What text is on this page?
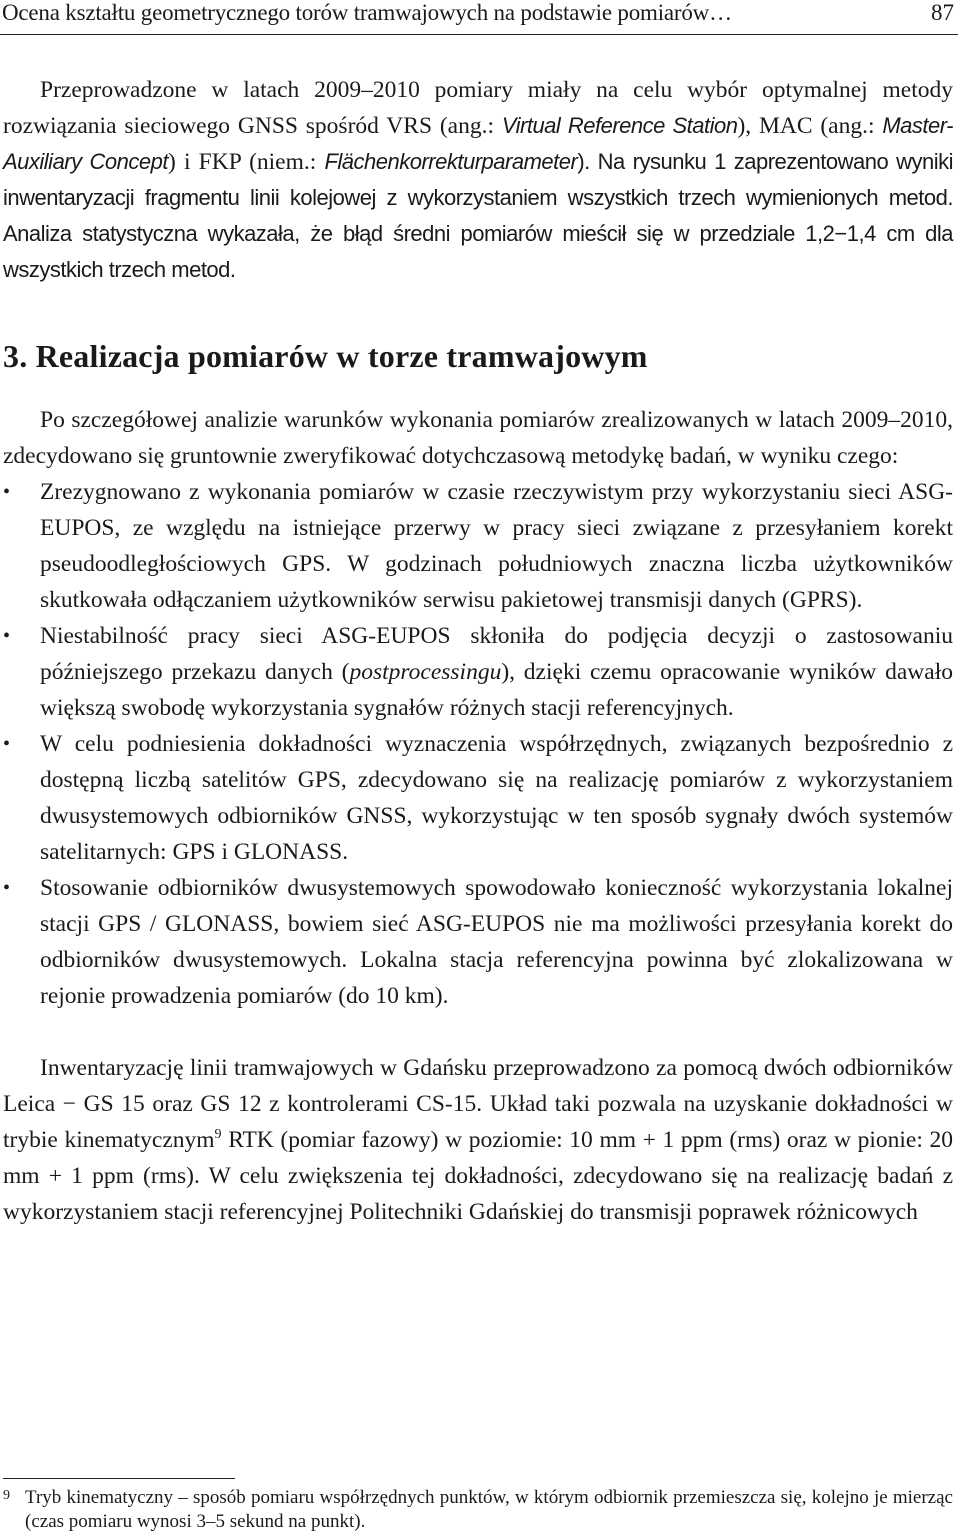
Ocena kształtu geometrycznego torów tramwajowych na podstawie pomiarów…	87

Przeprowadzone w latach 2009–2010 pomiary miały na celu wybór optymalnej metody rozwiązania sieciowego GNSS spośród VRS (ang.: Virtual Reference Station), MAC (ang.: Master-Auxiliary Concept) i FKP (niem.: Flächenkorrekturparameter). Na rysunku 1 zaprezentowano wyniki inwentaryzacji fragmentu linii kolejowej z wykorzystaniem wszystkich trzech wymienionych metod. Analiza statystyczna wykazała, że błąd średni pomiarów mieścił się w przedziale 1,2−1,4 cm dla wszystkich trzech metod.

3. Realizacja pomiarów w torze tramwajowym

Po szczegółowej analizie warunków wykonania pomiarów zrealizowanych w latach 2009–2010, zdecydowano się gruntownie zweryfikować dotychczasową metodykę badań, w wyniku czego:

• Zrezygnowano z wykonania pomiarów w czasie rzeczywistym przy wykorzystaniu sieci ASG-EUPOS, ze względu na istniejące przerwy w pracy sieci związane z przesyłaniem korekt pseudoodległościowych GPS. W godzinach południowych znaczna liczba użytkowników skutkowała odłączaniem użytkowników serwisu pakietowej transmisji danych (GPRS).
• Niestabilność pracy sieci ASG-EUPOS skłoniła do podjęcia decyzji o zastosowaniu późniejszego przekazu danych (postprocessingu), dzięki czemu opracowanie wyników dawało większą swobodę wykorzystania sygnałów różnych stacji referencyjnych.
• W celu podniesienia dokładności wyznaczenia współrzędnych, związanych bezpośrednio z dostępną liczbą satelitów GPS, zdecydowano się na realizację pomiarów z wykorzystaniem dwusystemowych odbiorników GNSS, wykorzystując w ten sposób sygnały dwóch systemów satelitarnych: GPS i GLONASS.
• Stosowanie odbiorników dwusystemowych spowodowało konieczność wykorzystania lokalnej stacji GPS / GLONASS, bowiem sieć ASG-EUPOS nie ma możliwości przesyłania korekt do odbiorników dwusystemowych. Lokalna stacja referencyjna powinna być zlokalizowana w rejonie prowadzenia pomiarów (do 10 km).

Inwentaryzację linii tramwajowych w Gdańsku przeprowadzono za pomocą dwóch odbiorników Leica − GS 15 oraz GS 12 z kontrolerami CS-15. Układ taki pozwala na uzyskanie dokładności w trybie kinematycznym$^9$ RTK (pomiar fazowy) w poziomie: 10 mm + 1 ppm (rms) oraz w pionie: 20 mm + 1 ppm (rms). W celu zwiększenia tej dokładności, zdecydowano się na realizację badań z wykorzystaniem stacji referencyjnej Politechniki Gdańskiej do transmisji poprawek różnicowych

9 Tryb kinematyczny – sposób pomiaru współrzędnych punktów, w którym odbiornik przemieszcza się, kolejno je mierząc (czas pomiaru wynosi 3–5 sekund na punkt).
